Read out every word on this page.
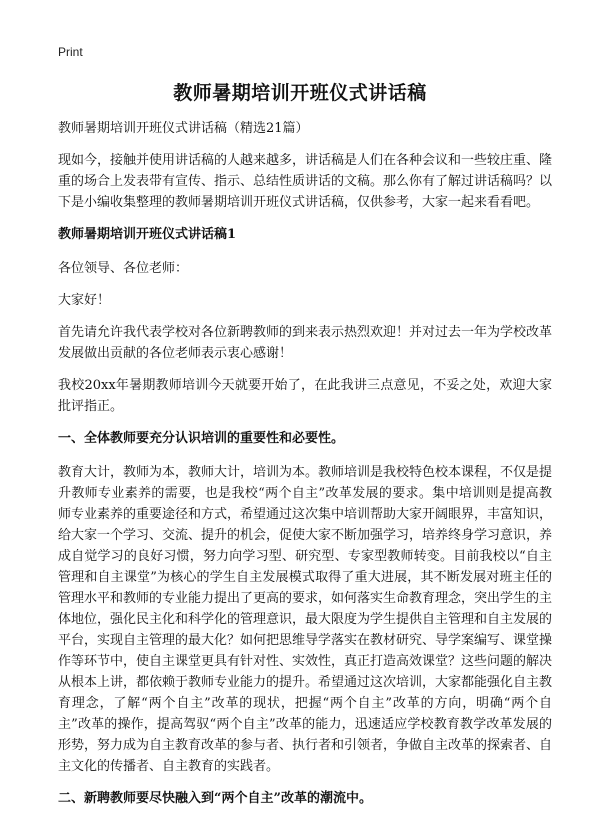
Print
教师暑期培训开班仪式讲话稿

教师暑期培训开班仪式讲话稿（精选21篇）

现如今，接触并使用讲话稿的人越来越多，讲话稿是人们在各种会议和一些较庄重、隆重的场合上发表带有宣传、指示、总结性质讲话的文稿。那么你有了解过讲话稿吗？以下是小编收集整理的教师暑期培训开班仪式讲话稿，仅供参考，大家一起来看看吧。

教师暑期培训开班仪式讲话稿1

各位领导、各位老师：

大家好！

首先请允许我代表学校对各位新聘教师的到来表示热烈欢迎！并对过去一年为学校改革发展做出贡献的各位老师表示衷心感谢！

我校20xx年暑期教师培训今天就要开始了，在此我讲三点意见，不妥之处，欢迎大家批评指正。

一、全体教师要充分认识培训的重要性和必要性。

教育大计，教师为本，教师大计，培训为本。教师培训是我校特色校本课程，不仅是提升教师专业素养的需要，也是我校“两个自主”改革发展的要求。集中培训则是提高教师专业素养的重要途径和方式，希望通过这次集中培训帮助大家开阔眼界，丰富知识，给大家一个学习、交流、提升的机会，促使大家不断加强学习，培养终身学习意识，养成自觉学习的良好习惯，努力向学习型、研究型、专家型教师转变。目前我校以“自主管理和自主课堂”为核心的学生自主发展模式取得了重大进展，其不断发展对班主任的管理水平和教师的专业能力提出了更高的要求，如何落实生命教育理念，突出学生的主体地位，强化民主化和科学化的管理意识，最大限度为学生提供自主管理和自主发展的平台，实现自主管理的最大化？如何把思维导学落实在教材研究、导学案编写、课堂操作等环节中，使自主课堂更具有针对性、实效性，真正打造高效课堂？这些问题的解决从根本上讲，都依赖于教师专业能力的提升。希望通过这次培训，大家都能强化自主教育理念，了解“两个自主”改革的现状，把握“两个自主”改革的方向，明确“两个自主”改革的操作，提高驾驭“两个自主”改革的能力，迅速适应学校教育教学改革发展的形势，努力成为自主教育改革的参与者、执行者和引领者，争做自主改革的探索者、自主文化的传播者、自主教育的实践者。

二、新聘教师要尽快融入到“两个自主”改革的潮流中。
